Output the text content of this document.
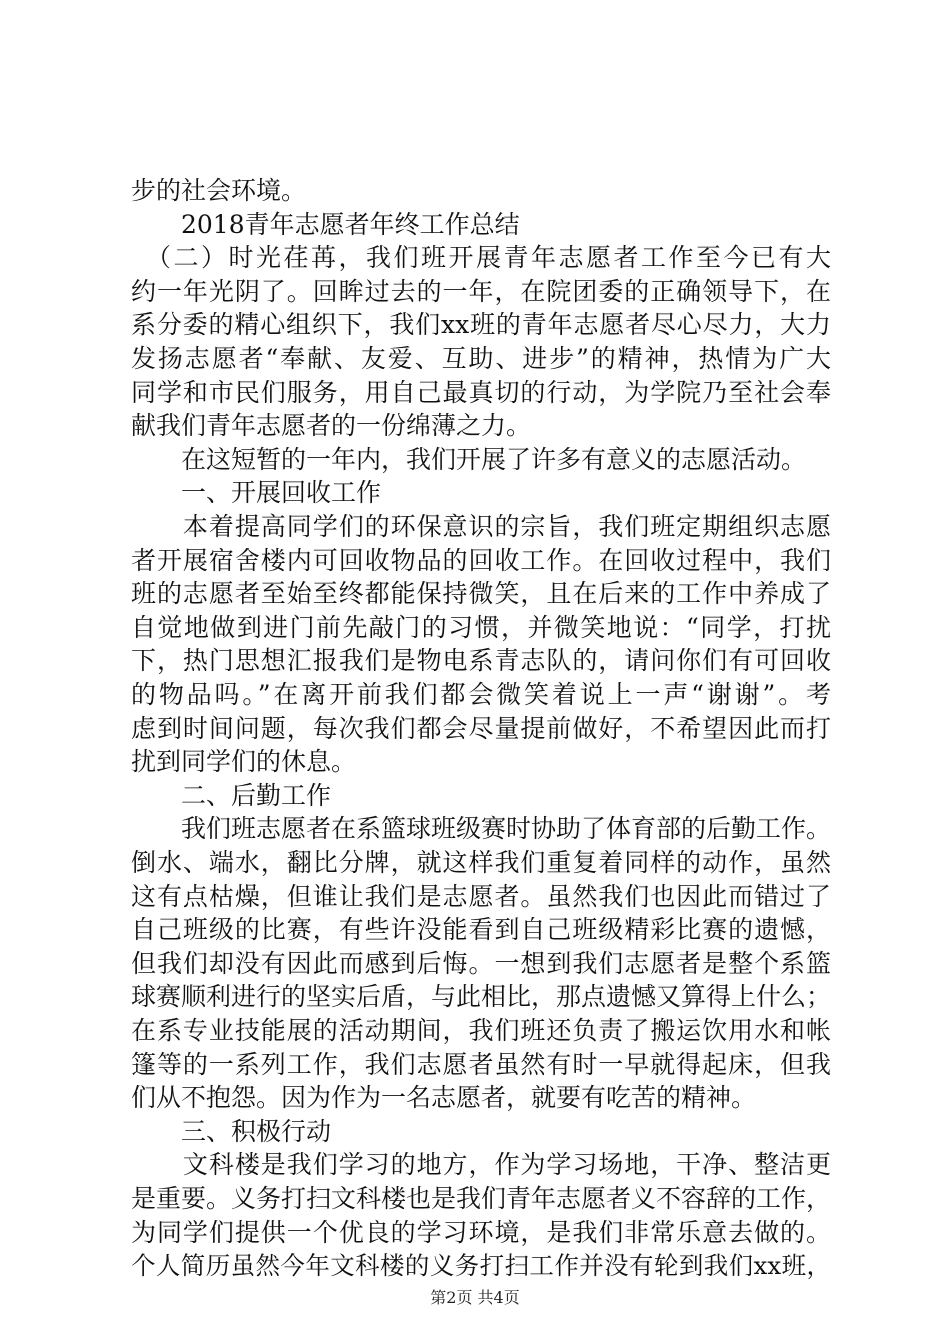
步的社会环境。
　　2018青年志愿者年终工作总结
　（二）时光荏苒，我们班开展青年志愿者工作至今已有大
约一年光阴了。回眸过去的一年，在院团委的正确领导下，在
系分委的精心组织下，我们xx班的青年志愿者尽心尽力，大力
发扬志愿者“奉献、友爱、互助、进步”的精神，热情为广大
同学和市民们服务，用自己最真切的行动，为学院乃至社会奉
献我们青年志愿者的一份绵薄之力。
　　在这短暂的一年内，我们开展了许多有意义的志愿活动。
　　一、开展回收工作
　　本着提高同学们的环保意识的宗旨，我们班定期组织志愿
者开展宿舍楼内可回收物品的回收工作。在回收过程中，我们
班的志愿者至始至终都能保持微笑，且在后来的工作中养成了
自觉地做到进门前先敲门的习惯，并微笑地说：“同学，打扰
下，热门思想汇报我们是物电系青志队的，请问你们有可回收
的物品吗。”在离开前我们都会微笑着说上一声“谢谢”。考
虑到时间问题，每次我们都会尽量提前做好，不希望因此而打
扰到同学们的休息。
　　二、后勤工作
　　我们班志愿者在系篮球班级赛时协助了体育部的后勤工作。
倒水、端水，翻比分牌，就这样我们重复着同样的动作，虽然
这有点枯燥，但谁让我们是志愿者。虽然我们也因此而错过了
自己班级的比赛，有些许没能看到自己班级精彩比赛的遗憾，
但我们却没有因此而感到后悔。一想到我们志愿者是整个系篮
球赛顺利进行的坚实后盾，与此相比，那点遗憾又算得上什么；
在系专业技能展的活动期间，我们班还负责了搬运饮用水和帐
篷等的一系列工作，我们志愿者虽然有时一早就得起床，但我
们从不抱怨。因为作为一名志愿者，就要有吃苦的精神。
　　三、积极行动
　　文科楼是我们学习的地方，作为学习场地，干净、整洁更
是重要。义务打扫文科楼也是我们青年志愿者义不容辞的工作，
为同学们提供一个优良的学习环境，是我们非常乐意去做的。
个人简历虽然今年文科楼的义务打扫工作并没有轮到我们xx班，
第2页 共4页
